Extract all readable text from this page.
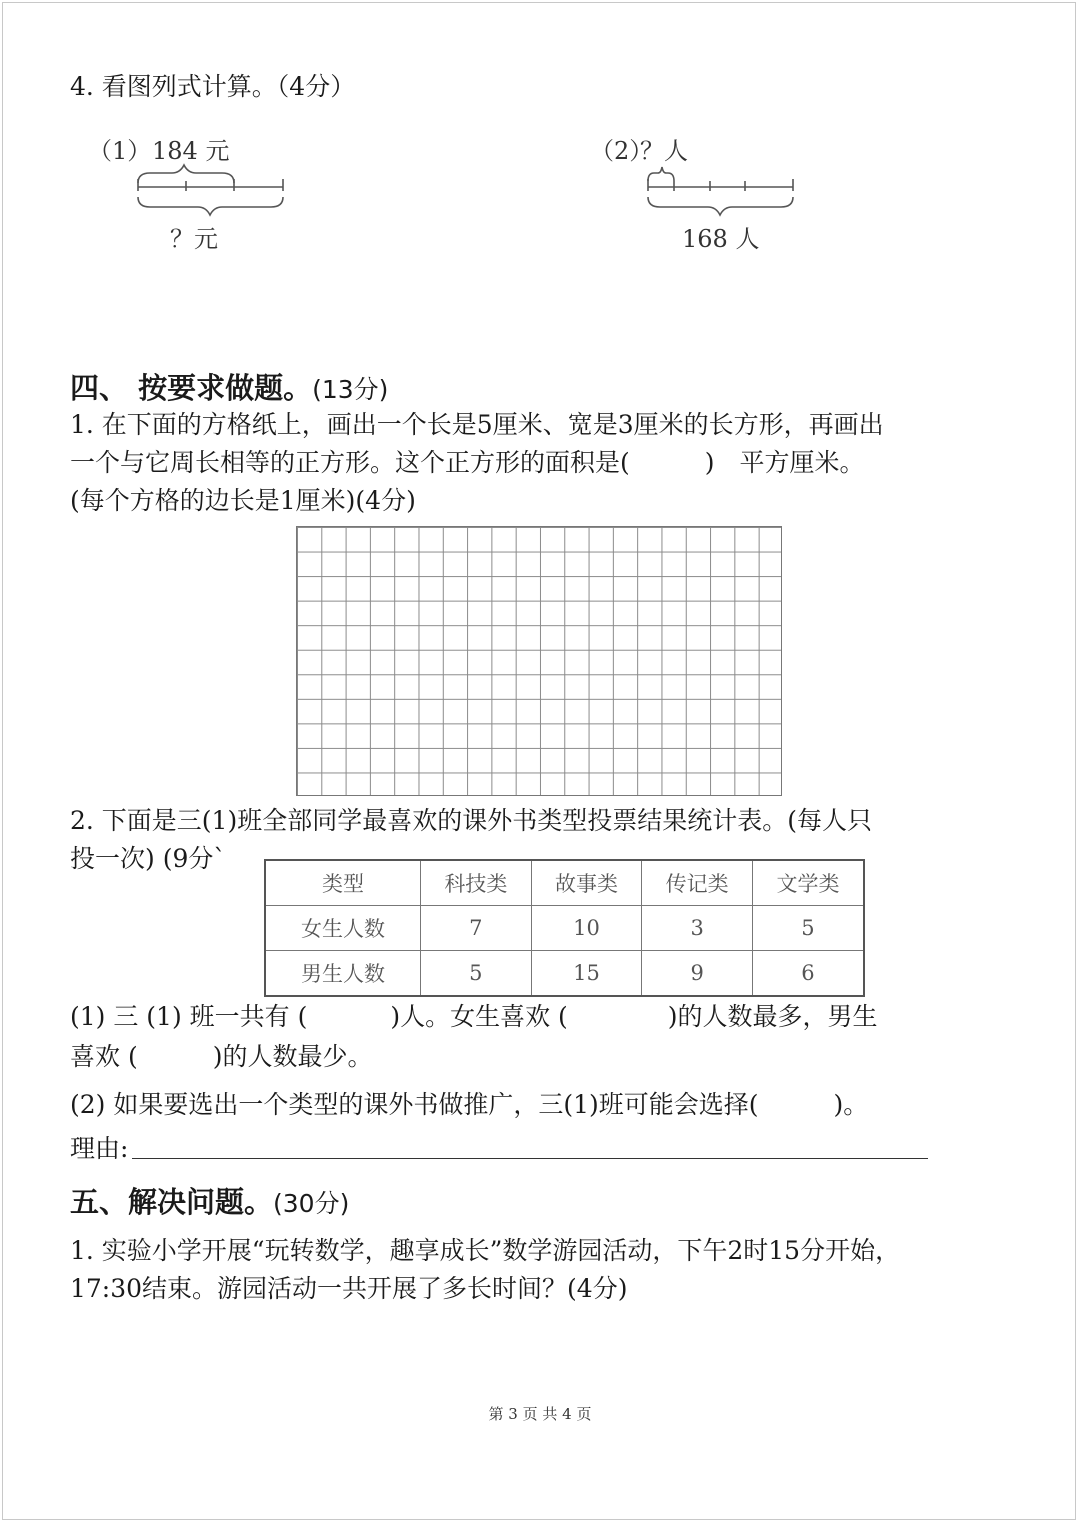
4. 看图列式计算。（4分）
（1） 184 元
？元
（2）
？人
168 人
四、 按要求做题。(13分)
1. 在下面的方格纸上，画出一个长是5厘米、宽是3厘米的长方形，再画出
一个与它周长相等的正方形。这个正方形的面积是(　　　)　平方厘米。
(每个方格的边长是1厘米)(4分)
2. 下面是三(1)班全部同学最喜欢的课外书类型投票结果统计表。(每人只
投一次) (9分`
类型	科技类	故事类	传记类	文学类
女生人数	7	10	3	5
男生人数	5	15	9	6
(1) 三 (1) 班一共有 (　　　 )人。女生喜欢 (　　　　)的人数最多，男生
喜欢 (　　　)的人数最少。
(2) 如果要选出一个类型的课外书做推广，三(1)班可能会选择(　　　)。
理由:
五、解决问题。(30分)
1. 实验小学开展“玩转数学，趣享成长”数学游园活动，下午2时15分开始，
17:30结束。游园活动一共开展了多长时间？(4分)
第 3 页 共 4 页
